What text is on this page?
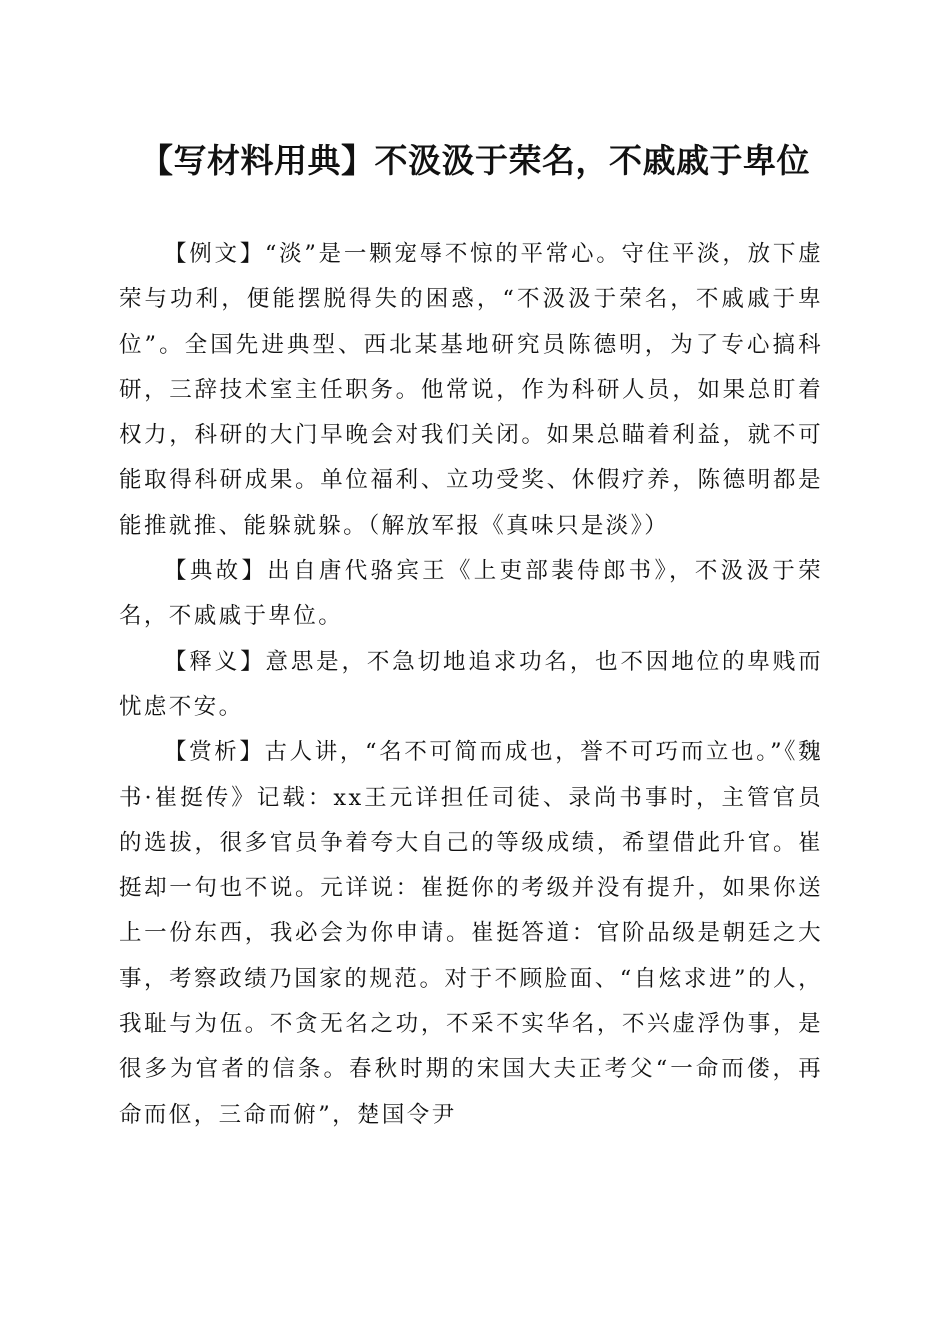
【写材料用典】不汲汲于荣名，不戚戚于卑位

【例文】“淡”是一颗宠辱不惊的平常心。守住平淡，放下虚荣与功利，便能摆脱得失的困惑，“不汲汲于荣名，不戚戚于卑位”。全国先进典型、西北某基地研究员陈德明，为了专心搞科研，三辞技术室主任职务。他常说，作为科研人员，如果总盯着权力，科研的大门早晚会对我们关闭。如果总瞄着利益，就不可能取得科研成果。单位福利、立功受奖、休假疗养，陈德明都是能推就推、能躲就躲。（解放军报《真味只是淡》）

【典故】出自唐代骆宾王《上吏部裴侍郎书》，不汲汲于荣名，不戚戚于卑位。

【释义】意思是，不急切地追求功名，也不因地位的卑贱而忧虑不安。

【赏析】古人讲，“名不可简而成也，誉不可巧而立也。”《魏书·崔挺传》记载：xx王元详担任司徒、录尚书事时，主管官员的选拔，很多官员争着夸大自己的等级成绩，希望借此升官。崔挺却一句也不说。元详说：崔挺你的考级并没有提升，如果你送上一份东西，我必会为你申请。崔挺答道：官阶品级是朝廷之大事，考察政绩乃国家的规范。对于不顾脸面、“自炫求进”的人，我耻与为伍。不贪无名之功，不采不实华名，不兴虚浮伪事，是很多为官者的信条。春秋时期的宋国大夫正考父“一命而偻，再命而伛，三命而俯”，楚国令尹
